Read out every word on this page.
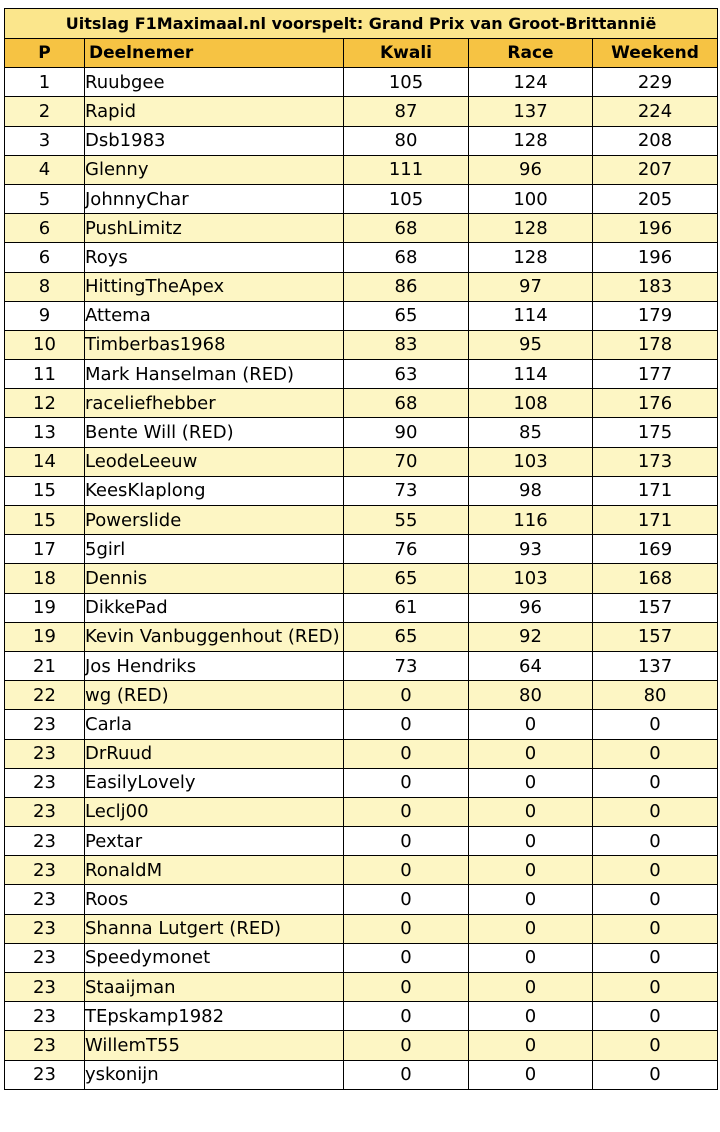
Uitslag F1Maximaal.nl voorspelt: Grand Prix van Groot-Brittannië				
P	Deelnemer	Kwali	Race	Weekend
1	Ruubgee	105	124	229
2	Rapid	87	137	224
3	Dsb1983	80	128	208
4	Glenny	111	96	207
5	JohnnyChar	105	100	205
6	PushLimitz	68	128	196
6	Roys	68	128	196
8	HittingTheApex	86	97	183
9	Attema	65	114	179
10	Timberbas1968	83	95	178
11	Mark Hanselman (RED)	63	114	177
12	raceliefhebber	68	108	176
13	Bente Will (RED)	90	85	175
14	LeodeLeeuw	70	103	173
15	KeesKlaplong	73	98	171
15	Powerslide	55	116	171
17	5girl	76	93	169
18	Dennis	65	103	168
19	DikkePad	61	96	157
19	Kevin Vanbuggenhout (RED)	65	92	157
21	Jos Hendriks	73	64	137
22	wg (RED)	0	80	80
23	Carla	0	0	0
23	DrRuud	0	0	0
23	EasilyLovely	0	0	0
23	Leclj00	0	0	0
23	Pextar	0	0	0
23	RonaldM	0	0	0
23	Roos	0	0	0
23	Shanna Lutgert (RED)	0	0	0
23	Speedymonet	0	0	0
23	Staaijman	0	0	0
23	TEpskamp1982	0	0	0
23	WillemT55	0	0	0
23	yskonijn	0	0	0
